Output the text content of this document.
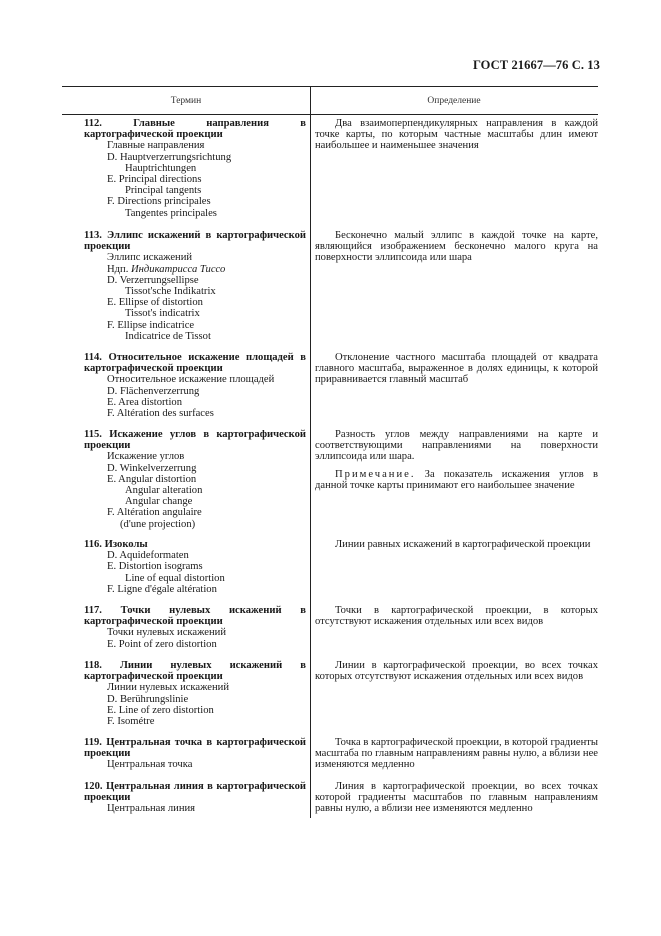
ГОСТ 21667—76 С. 13
Термин	Определение
112. Главные направления в картографической проекции
Главные направления
D. Hauptverzerrungsrichtung
Hauptrichtungen
E. Principal directions
Principal tangents
F. Directions principales
Tangentes principales

Два взаимоперпендикулярных направления в каждой точке карты, по которым частные масштабы длин имеют наибольшее и наименьшее значения

113. Эллипс искажений в картографической проекции
Эллипс искажений
Ндп. Индикатрисса Тиссо
D. Verzerrungsellipse
Tissot'sche Indikatrix
E. Ellipse of distortion
Tissot's indicatrix
F. Ellipse indicatrice
Indicatrice de Tissot

Бесконечно малый эллипс в каждой точке на карте, являющийся изображением бесконечно малого круга на поверхности эллипсоида или шара

114. Относительное искажение площадей в картографической проекции
Относительное искажение площадей
D. Flächenverzerrung
E. Area distortion
F. Altération des surfaces

Отклонение частного масштаба площадей от квадрата главного масштаба, выраженное в долях единицы, к которой приравнивается главный масштаб

115. Искажение углов в картографической проекции
Искажение углов
D. Winkelverzerrung
E. Angular distortion
Angular alteration
Angular change
F. Altération angulaire
(d'une projection)

Разность углов между направлениями на карте и соответствующими направлениями на поверхности эллипсоида или шара.

Примечание. За показатель искажения углов в данной точке карты принимают его наибольшее значение

116. Изоколы
D. Aquideformaten
E. Distortion isograms
Line of equal distortion
F. Ligne d'égale altération

Линии равных искажений в картографической проекции

117. Точки нулевых искажений в картографической проекции
Точки нулевых искажений
E. Point of zero distortion

Точки в картографической проекции, в которых отсутствуют искажения отдельных или всех видов

118. Линии нулевых искажений в картографической проекции
Линии нулевых искажений
D. Berührungslinie
E. Line of zero distortion
F. Isométre

Линии в картографической проекции, во всех точках которых отсутствуют искажения отдельных или всех видов

119. Центральная точка в картографической проекции
Центральная точка

Точка в картографической проекции, в которой градиенты масштаба по главным направлениям равны нулю, а вблизи нее изменяются медленно

120. Центральная линия в картографической проекции
Центральная линия

Линия в картографической проекции, во всех точках которой градиенты масштабов по главным направлениям равны нулю, а вблизи нее изменяются медленно
